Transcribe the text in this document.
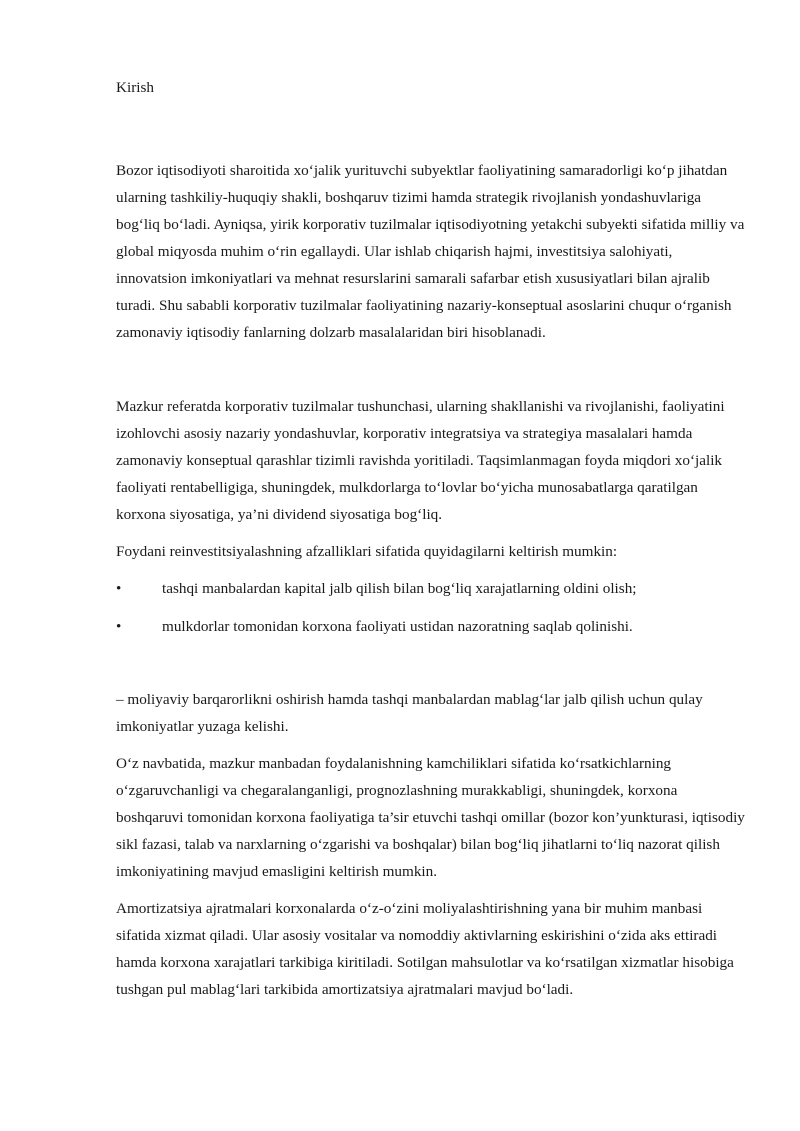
Kirish

Bozor iqtisodiyoti sharoitida xo‘jalik yurituvchi subyektlar faoliyatining samaradorligi ko‘p jihatdan ularning tashkiliy-huquqiy shakli, boshqaruv tizimi hamda strategik rivojlanish yondashuvlariga bog‘liq bo‘ladi. Ayniqsa, yirik korporativ tuzilmalar iqtisodiyotning yetakchi subyekti sifatida milliy va global miqyosda muhim o‘rin egallaydi. Ular ishlab chiqarish hajmi, investitsiya salohiyati, innovatsion imkoniyatlari va mehnat resurslarini samarali safarbar etish xususiyatlari bilan ajralib turadi. Shu sababli korporativ tuzilmalar faoliyatining nazariy-konseptual asoslarini chuqur o‘rganish zamonaviy iqtisodiy fanlarning dolzarb masalalaridan biri hisoblanadi.

Mazkur referatda korporativ tuzilmalar tushunchasi, ularning shakllanishi va rivojlanishi, faoliyatini izohlovchi asosiy nazariy yondashuvlar, korporativ integratsiya va strategiya masalalari hamda zamonaviy konseptual qarashlar tizimli ravishda yoritiladi. Taqsimlanmagan foyda miqdori xo‘jalik faoliyati rentabelligiga, shuningdek, mulkdorlarga to‘lovlar bo‘yicha munosabatlarga qaratilgan korxona siyosatiga, ya’ni dividend siyosatiga bog‘liq.

Foydani reinvestitsiyalashning afzalliklari sifatida quyidagilarni keltirish mumkin:

•	tashqi manbalardan kapital jalb qilish bilan bog‘liq xarajatlarning oldini olish;
•	mulkdorlar tomonidan korxona faoliyati ustidan nazoratning saqlab qolinishi.

– moliyaviy barqarorlikni oshirish hamda tashqi manbalardan mablag‘lar jalb qilish uchun qulay imkoniyatlar yuzaga kelishi.

O‘z navbatida, mazkur manbadan foydalanishning kamchiliklari sifatida ko‘rsatkichlarning o‘zgaruvchanligi va chegaralanganligi, prognozlashning murakkabligi, shuningdek, korxona boshqaruvi tomonidan korxona faoliyatiga ta’sir etuvchi tashqi omillar (bozor kon’yunkturasi, iqtisodiy sikl fazasi, talab va narxlarning o‘zgarishi va boshqalar) bilan bog‘liq jihatlarni to‘liq nazorat qilish imkoniyatining mavjud emasligini keltirish mumkin.

Amortizatsiya ajratmalari korxonalarda o‘z-o‘zini moliyalashtirishning yana bir muhim manbasi sifatida xizmat qiladi. Ular asosiy vositalar va nomoddiy aktivlarning eskirishini o‘zida aks ettiradi hamda korxona xarajatlari tarkibiga kiritiladi. Sotilgan mahsulotlar va ko‘rsatilgan xizmatlar hisobiga tushgan pul mablag‘lari tarkibida amortizatsiya ajratmalari mavjud bo‘ladi.
